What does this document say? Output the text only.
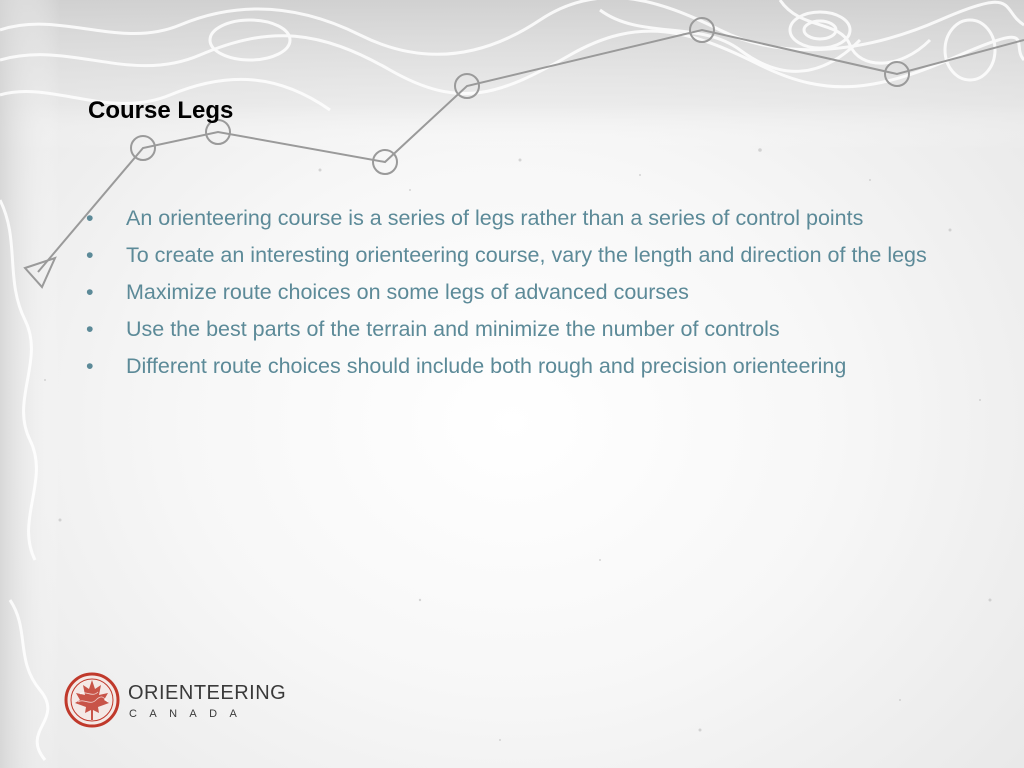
Course Legs
•	An orienteering course is a series of legs rather than a series of control points
•	To create an interesting orienteering course, vary the length and direction of the legs
•	Maximize route choices on some legs of advanced courses
•	Use the best parts of the terrain and minimize the number of controls
•	Different route choices should include both rough and precision orienteering
ORIENTEERING
CANADA
